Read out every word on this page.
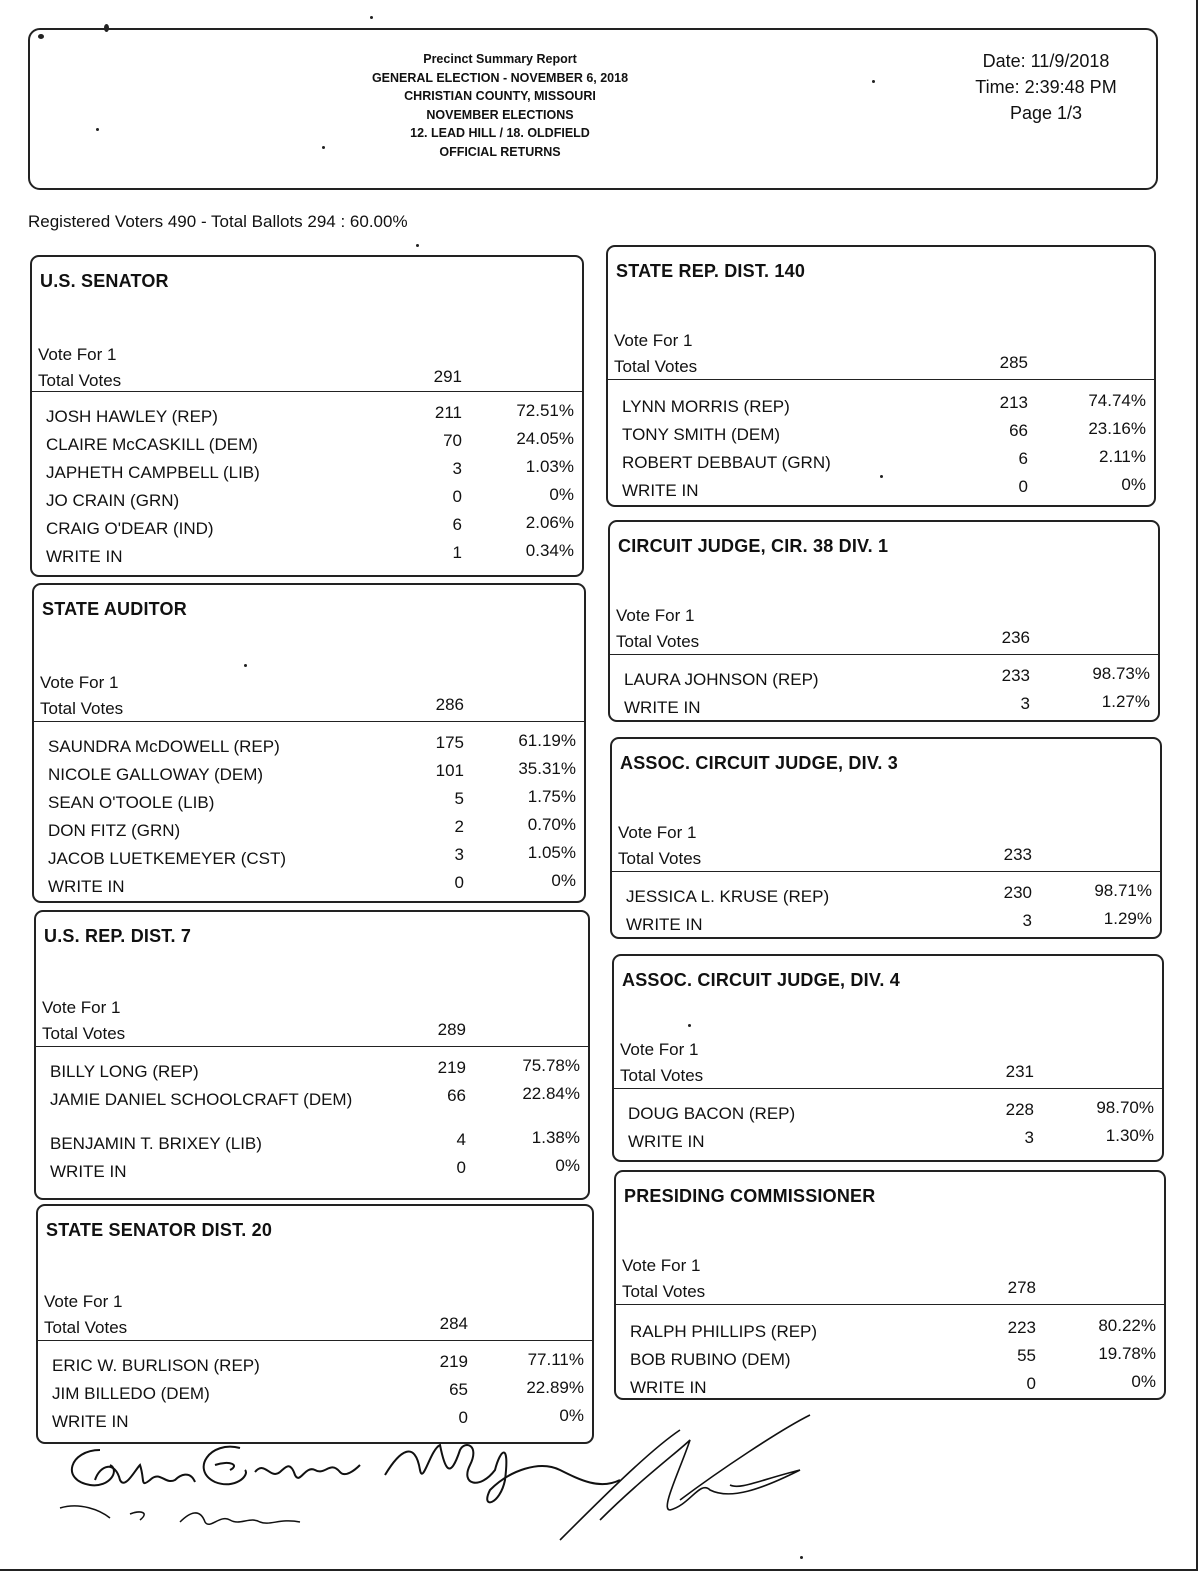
Precinct Summary Report
GENERAL ELECTION - NOVEMBER 6, 2018
CHRISTIAN COUNTY, MISSOURI
NOVEMBER ELECTIONS
12. LEAD HILL / 18. OLDFIELD
OFFICIAL RETURNS
Date: 11/9/2018
Time: 2:39:48 PM
Page 1/3
Registered Voters 490 - Total Ballots 294 : 60.00%
U.S. SENATOR
Vote For 1
Total Votes	291
JOSH HAWLEY (REP)	211	72.51%
CLAIRE McCASKILL (DEM)	70	24.05%
JAPHETH CAMPBELL (LIB)	3	1.03%
JO CRAIN (GRN)	0	0%
CRAIG O'DEAR (IND)	6	2.06%
WRITE IN	1	0.34%
STATE AUDITOR
Vote For 1
Total Votes	286
SAUNDRA McDOWELL (REP)	175	61.19%
NICOLE GALLOWAY (DEM)	101	35.31%
SEAN O'TOOLE (LIB)	5	1.75%
DON FITZ (GRN)	2	0.70%
JACOB LUETKEMEYER (CST)	3	1.05%
WRITE IN	0	0%
U.S. REP. DIST. 7
Vote For 1
Total Votes	289
BILLY LONG (REP)	219	75.78%
JAMIE DANIEL SCHOOLCRAFT (DEM)	66	22.84%
BENJAMIN T. BRIXEY (LIB)	4	1.38%
WRITE IN	0	0%
STATE SENATOR DIST. 20
Vote For 1
Total Votes	284
ERIC W. BURLISON (REP)	219	77.11%
JIM BILLEDO (DEM)	65	22.89%
WRITE IN	0	0%
STATE REP. DIST. 140
Vote For 1
Total Votes	285
LYNN MORRIS (REP)	213	74.74%
TONY SMITH (DEM)	66	23.16%
ROBERT DEBBAUT (GRN)	6	2.11%
WRITE IN	0	0%
CIRCUIT JUDGE, CIR. 38 DIV. 1
Vote For 1
Total Votes	236
LAURA JOHNSON (REP)	233	98.73%
WRITE IN	3	1.27%
ASSOC. CIRCUIT JUDGE, DIV. 3
Vote For 1
Total Votes	233
JESSICA L. KRUSE (REP)	230	98.71%
WRITE IN	3	1.29%
ASSOC. CIRCUIT JUDGE, DIV. 4
Vote For 1
Total Votes	231
DOUG BACON (REP)	228	98.70%
WRITE IN	3	1.30%
PRESIDING COMMISSIONER
Vote For 1
Total Votes	278
RALPH PHILLIPS (REP)	223	80.22%
BOB RUBINO (DEM)	55	19.78%
WRITE IN	0	0%
